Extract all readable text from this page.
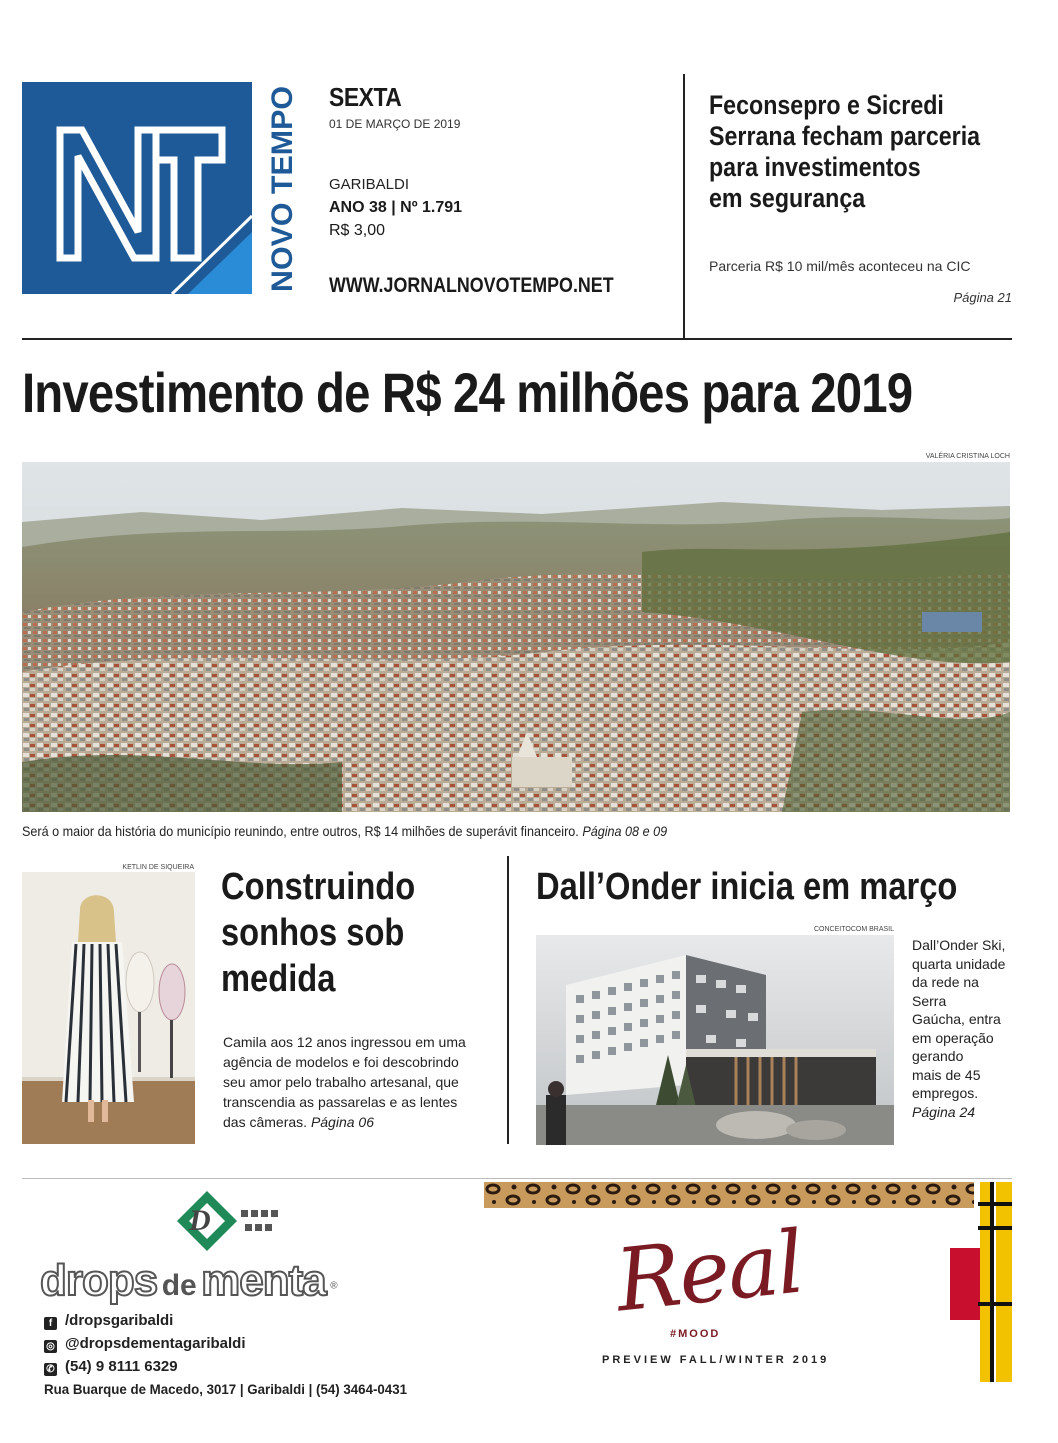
NOVO TEMPO SEXTA
01 DE MARÇO DE 2019
GARIBALDI
ANO 38 | Nº 1.791
R$ 3,00
WWW.JORNALNOVOTEMPO.NET
Feconsepro e Sicredi
Serrana fecham parceria
para investimentos
em segurança
Parceria R$ 10 mil/mês aconteceu na CIC
Página 21
Investimento de R$ 24 milhões para 2019
VALÉRIA CRISTINA LOCH
Será o maior da história do município reunindo, entre outros, R$ 14 milhões de superávit financeiro. Página 08 e 09
KETLIN DE SIQUEIRA Construindo
sonhos sob
medida
Camila aos 12 anos ingressou em uma agência de modelos e foi descobrindo seu amor pelo trabalho artesanal, que transcendia as passarelas e as lentes das câmeras. Página 06
Dall’Onder inicia em março
CONCEITOCOM BRASIL
Dall’Onder Ski,
quarta unidade
da rede na Serra
Gaúcha, entra
em operação
gerando
mais de 45
empregos.
Página 24
D
drops de menta ®
f /dropsgaribaldi
◎ @dropsdementagaribaldi
✆ (54) 9 8111 6329
Rua Buarque de Macedo, 3017 | Garibaldi | (54) 3464-0431
Real
#MOOD
PREVIEW FALL/WINTER 2019
